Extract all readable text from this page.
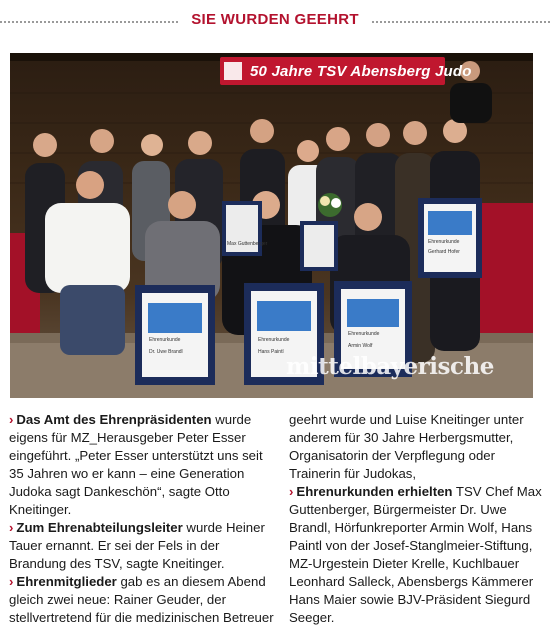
SIE WURDEN GEEHRT
50 Jahre TSV Abensberg Judo
Ehrenurkunde
Dr. Uwe Brandl
Ehrenurkunde
Hans Paintl
Ehrenurkunde
Armin Wolf
Ehrenurkunde
Gerhard Hofer
Max Guttenberger
mittelbayerische

› Das Amt des Ehrenpräsidenten wurde eigens für MZ_Herausgeber Peter Esser eingeführt. „Peter Esser unterstützt uns seit 35 Jahren wo er kann – eine Generation Judoka sagt Dankeschön“, sagte Otto Kneitinger.

› Zum Ehrenabteilungsleiter wurde Heiner Tauer ernannt. Er sei der Fels in der Brandung des TSV, sagte Kneitinger.

› Ehrenmitglieder gab es an diesem Abend gleich zwei neue: Rainer Geuder, der stellvertretend für die medizinischen Betreuer

geehrt wurde und Luise Kneitinger unter anderem für 30 Jahre Herbergsmutter, Organisatorin der Verpflegung oder Trainerin für Judokas,

› Ehrenurkunden erhielten TSV Chef Max Guttenberger, Bürgermeister Dr. Uwe Brandl, Hörfunkreporter Armin Wolf, Hans Paintl von der Josef-Stanglmeier-Stiftung, MZ-Urgestein Dieter Krelle, Kuchlbauer Leonhard Salleck, Abensbergs Kämmerer Hans Maier sowie BJV-Präsident Siegurd Seeger.
